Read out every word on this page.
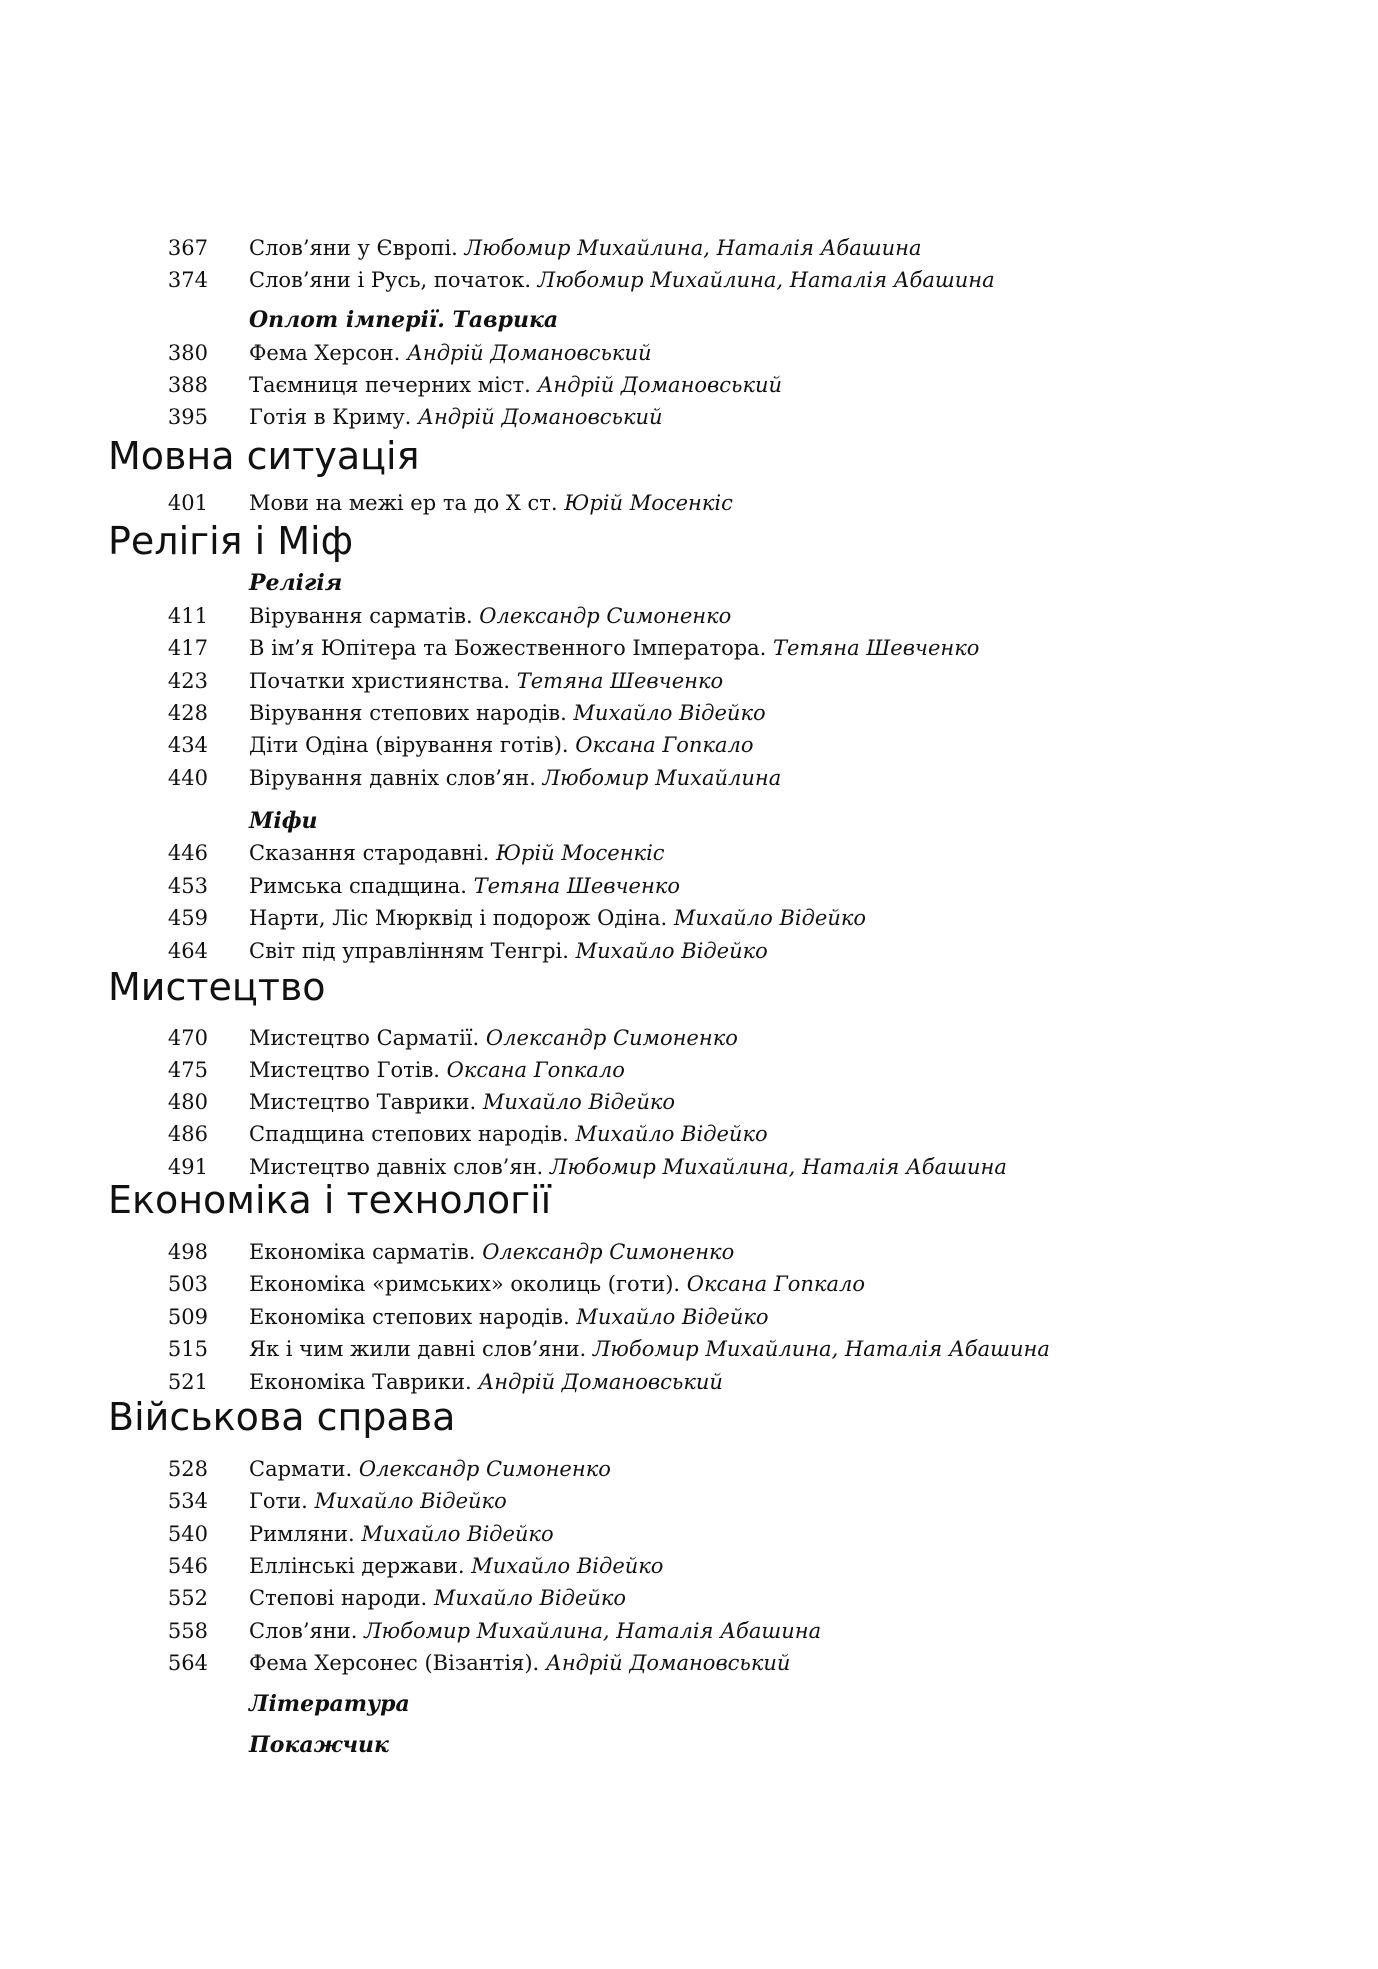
367 Слов’яни у Європі. Любомир Михайлина, Наталія Абашина
374 Слов’яни і Русь, початок. Любомир Михайлина, Наталія Абашина
Оплот імперії. Таврика
380 Фема Херсон. Андрій Домановський
388 Таємниця печерних міст. Андрій Домановський
395 Готія в Криму. Андрій Домановський
Мовна ситуація
401 Мови на межі ер та до X ст. Юрій Мосенкіс
Релігія і Міф
Релігія
411 Вірування сарматів. Олександр Симоненко
417 В ім’я Юпітера та Божественного Імператора. Тетяна Шевченко
423 Початки християнства. Тетяна Шевченко
428 Вірування степових народів. Михайло Відейко
434 Діти Одіна (вірування готів). Оксана Гопкало
440 Вірування давніх слов’ян. Любомир Михайлина
Міфи
446 Сказання стародавні. Юрій Мосенкіс
453 Римська спадщина. Тетяна Шевченко
459 Нарти, Ліс Мюрквід і подорож Одіна. Михайло Відейко
464 Світ під управлінням Тенгрі. Михайло Відейко
Мистецтво
470 Мистецтво Сарматії. Олександр Симоненко
475 Мистецтво Готів. Оксана Гопкало
480 Мистецтво Таврики. Михайло Відейко
486 Спадщина степових народів. Михайло Відейко
491 Мистецтво давніх слов’ян. Любомир Михайлина, Наталія Абашина
Економіка і технології
498 Економіка сарматів. Олександр Симоненко
503 Економіка «римських» околиць (готи). Оксана Гопкало
509 Економіка степових народів. Михайло Відейко
515 Як і чим жили давні слов’яни. Любомир Михайлина, Наталія Абашина
521 Економіка Таврики. Андрій Домановський
Військова справа
528 Сармати. Олександр Симоненко
534 Готи. Михайло Відейко
540 Римляни. Михайло Відейко
546 Еллінські держави. Михайло Відейко
552 Степові народи. Михайло Відейко
558 Слов’яни. Любомир Михайлина, Наталія Абашина
564 Фема Херсонес (Візантія). Андрій Домановський
Література
Покажчик
